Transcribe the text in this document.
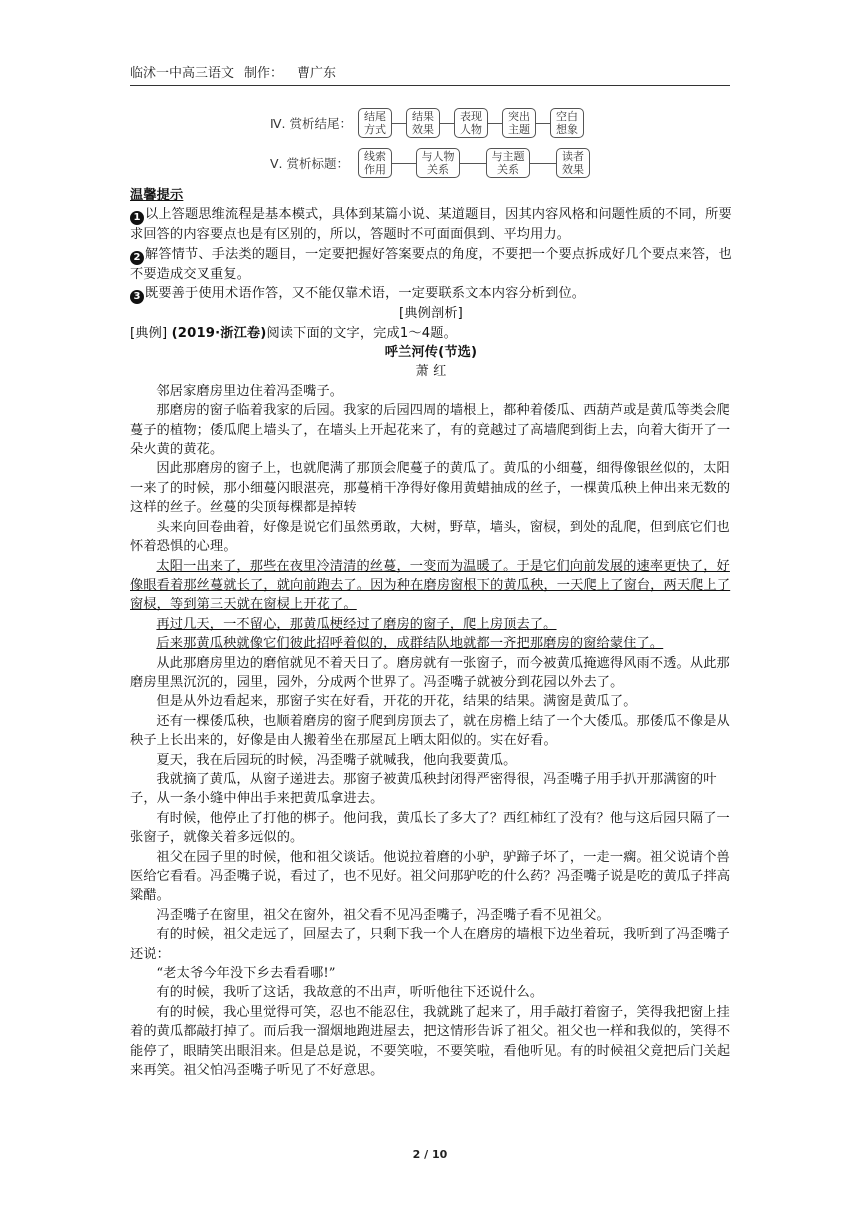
临沭一中高三语文 制作： 曹广东
Ⅳ. 赏析结尾：	结尾
方式
结果
效果
表现
人物
突出
主题
空白
想象
Ⅴ. 赏析标题：	线索
作用
与人物
关系
与主题
关系
读者
效果

温馨提示

1 以上答题思维流程是基本模式，具体到某篇小说、某道题目，因其内容风格和问题性质的不同，所要求回答的内容要点也是有区别的，所以，答题时不可面面俱到、平均用力。

2 解答情节、手法类的题目，一定要把握好答案要点的角度，不要把一个要点拆成好几个要点来答，也不要造成交叉重复。

3 既要善于使用术语作答，又不能仅靠术语，一定要联系文本内容分析到位。

[典例剖析]

[典例] (2019·浙江卷)阅读下面的文字，完成1～4题。

呼兰河传(节选)

萧 红

邻居家磨房里边住着冯歪嘴子。

那磨房的窗子临着我家的后园。我家的后园四周的墙根上，都种着倭瓜、西葫芦或是黄瓜等类会爬蔓子的植物；倭瓜爬上墙头了，在墙头上开起花来了，有的竟越过了高墙爬到街上去，向着大街开了一朵火黄的黄花。

因此那磨房的窗子上，也就爬满了那顶会爬蔓子的黄瓜了。黄瓜的小细蔓，细得像银丝似的，太阳一来了的时候，那小细蔓闪眼湛亮，那蔓梢干净得好像用黄蜡抽成的丝子，一棵黄瓜秧上伸出来无数的这样的丝子。丝蔓的尖顶每棵都是掉转

头来向回卷曲着，好像是说它们虽然勇敢，大树，野草，墙头，窗棂，到处的乱爬，但到底它们也怀着恐惧的心理。

太阳一出来了，那些在夜里冷清清的丝蔓，一变而为温暖了。于是它们向前发展的速率更快了，好像眼看着那丝蔓就长了，就向前跑去了。因为种在磨房窗根下的黄瓜秧，一天爬上了窗台，两天爬上了窗棂，等到第三天就在窗棂上开花了。

再过几天，一不留心，那黄瓜梗经过了磨房的窗子，爬上房顶去了。

后来那黄瓜秧就像它们彼此招呼着似的，成群结队地就都一齐把那磨房的窗给蒙住了。

从此那磨房里边的磨倌就见不着天日了。磨房就有一张窗子，而今被黄瓜掩遮得风雨不透。从此那磨房里黑沉沉的，园里，园外，分成两个世界了。冯歪嘴子就被分到花园以外去了。

但是从外边看起来，那窗子实在好看，开花的开花，结果的结果。满窗是黄瓜了。

还有一棵倭瓜秧，也顺着磨房的窗子爬到房顶去了，就在房檐上结了一个大倭瓜。那倭瓜不像是从秧子上长出来的，好像是由人搬着坐在那屋瓦上晒太阳似的。实在好看。

夏天，我在后园玩的时候，冯歪嘴子就喊我，他向我要黄瓜。

我就摘了黄瓜，从窗子递进去。那窗子被黄瓜秧封闭得严密得很，冯歪嘴子用手扒开那满窗的叶子，从一条小缝中伸出手来把黄瓜拿进去。

有时候，他停止了打他的梆子。他问我，黄瓜长了多大了？西红柿红了没有？他与这后园只隔了一张窗子，就像关着多远似的。

祖父在园子里的时候，他和祖父谈话。他说拉着磨的小驴，驴蹄子坏了，一走一瘸。祖父说请个兽医给它看看。冯歪嘴子说，看过了，也不见好。祖父问那驴吃的什么药？冯歪嘴子说是吃的黄瓜子拌高粱醋。

冯歪嘴子在窗里，祖父在窗外，祖父看不见冯歪嘴子，冯歪嘴子看不见祖父。

有的时候，祖父走远了，回屋去了，只剩下我一个人在磨房的墙根下边坐着玩，我听到了冯歪嘴子还说：

“老太爷今年没下乡去看看哪!”

有的时候，我听了这话，我故意的不出声，听听他往下还说什么。

有的时候，我心里觉得可笑，忍也不能忍住，我就跳了起来了，用手敲打着窗子，笑得我把窗上挂着的黄瓜都敲打掉了。而后我一溜烟地跑进屋去，把这情形告诉了祖父。祖父也一样和我似的，笑得不能停了，眼睛笑出眼泪来。但是总是说，不要笑啦，不要笑啦，看他听见。有的时候祖父竟把后门关起来再笑。祖父怕冯歪嘴子听见了不好意思。

2 / 10
